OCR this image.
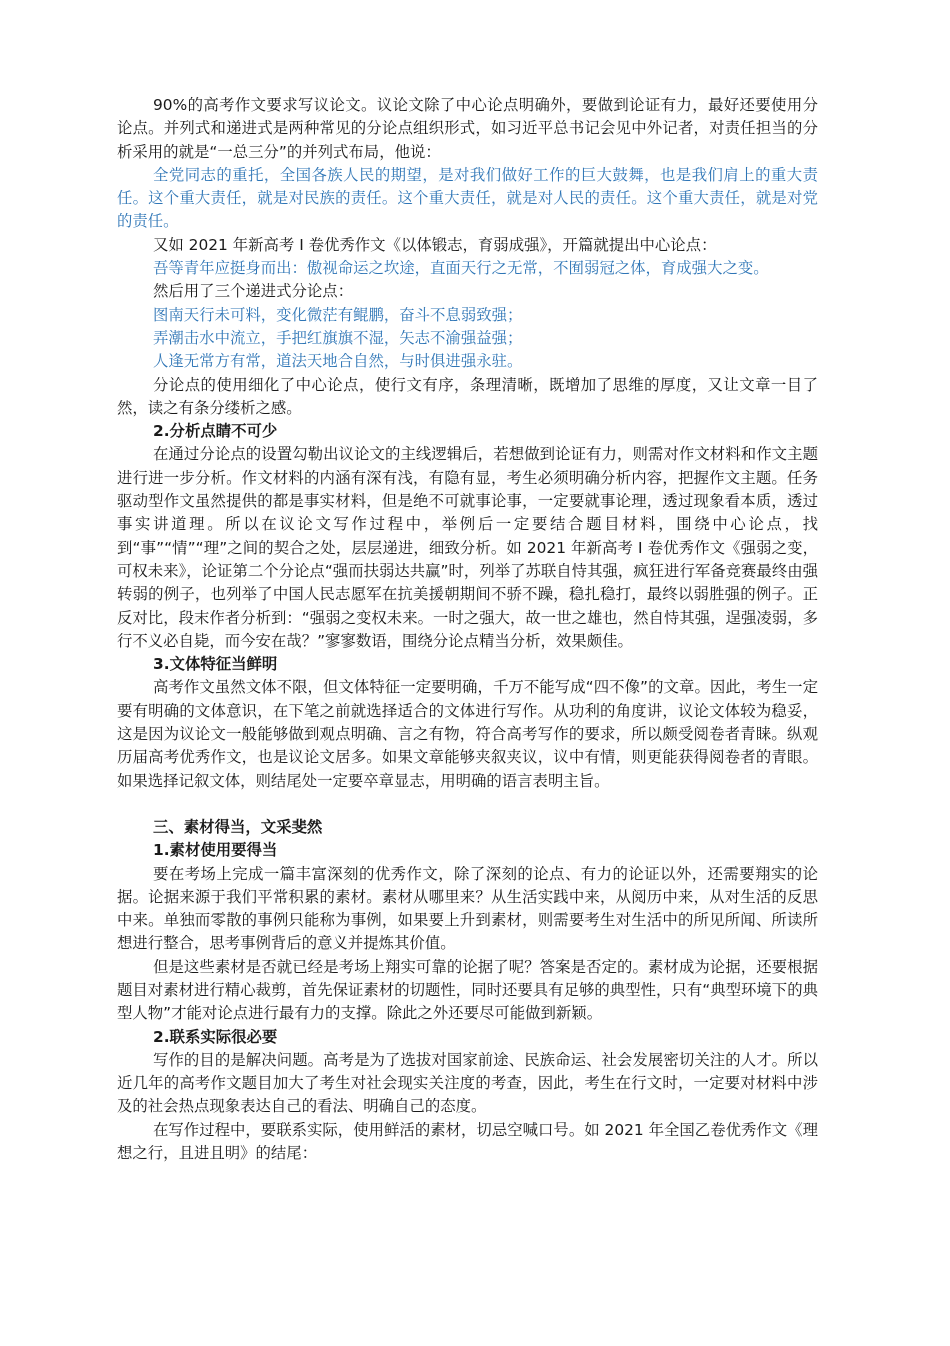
90%的高考作文要求写议论文。议论文除了中心论点明确外，要做到论证有力，最好还要使用分论点。并列式和递进式是两种常见的分论点组织形式，如习近平总书记会见中外记者，对责任担当的分析采用的就是“一总三分”的并列式布局，他说：

全党同志的重托，全国各族人民的期望，是对我们做好工作的巨大鼓舞，也是我们肩上的重大责任。这个重大责任，就是对民族的责任。这个重大责任，就是对人民的责任。这个重大责任，就是对党的责任。

又如 2021 年新高考 I 卷优秀作文《以体锻志，育弱成强》，开篇就提出中心论点：

吾等青年应挺身而出：傲视命运之坎途，直面天行之无常，不囿弱冠之体，育成强大之变。

然后用了三个递进式分论点：

图南天行未可料，变化微茫有鲲鹏，奋斗不息弱致强；

弄潮击水中流立，手把红旗旗不湿，矢志不渝强益强；

人逢无常方有常，道法天地合自然，与时俱进强永驻。

分论点的使用细化了中心论点，使行文有序，条理清晰，既增加了思维的厚度，又让文章一目了然，读之有条分缕析之感。

2.分析点睛不可少

在通过分论点的设置勾勒出议论文的主线逻辑后，若想做到论证有力，则需对作文材料和作文主题进行进一步分析。作文材料的内涵有深有浅，有隐有显，考生必须明确分析内容，把握作文主题。任务驱动型作文虽然提供的都是事实材料，但是绝不可就事论事，一定要就事论理，透过现象看本质，透过事实讲道理。所以在议论文写作过程中，举例后一定要结合题目材料，围绕中心论点，找到“事”“情”“理”之间的契合之处，层层递进，细致分析。如 2021 年新高考 I 卷优秀作文《强弱之变，可权未来》，论证第二个分论点“强而扶弱达共赢”时，列举了苏联自恃其强，疯狂进行军备竞赛最终由强转弱的例子，也列举了中国人民志愿军在抗美援朝期间不骄不躁，稳扎稳打，最终以弱胜强的例子。正反对比，段末作者分析到：“强弱之变权未来。一时之强大，故一世之雄也，然自恃其强，逞强凌弱，多行不义必自毙，而今安在哉？”寥寥数语，围绕分论点精当分析，效果颇佳。

3.文体特征当鲜明

高考作文虽然文体不限，但文体特征一定要明确，千万不能写成“四不像”的文章。因此，考生一定要有明确的文体意识，在下笔之前就选择适合的文体进行写作。从功利的角度讲，议论文体较为稳妥，这是因为议论文一般能够做到观点明确、言之有物，符合高考写作的要求，所以颇受阅卷者青睐。纵观历届高考优秀作文，也是议论文居多。如果文章能够夹叙夹议，议中有情，则更能获得阅卷者的青眼。如果选择记叙文体，则结尾处一定要卒章显志，用明确的语言表明主旨。

三、素材得当，文采斐然

1.素材使用要得当

要在考场上完成一篇丰富深刻的优秀作文，除了深刻的论点、有力的论证以外，还需要翔实的论据。论据来源于我们平常积累的素材。素材从哪里来？从生活实践中来，从阅历中来，从对生活的反思中来。单独而零散的事例只能称为事例，如果要上升到素材，则需要考生对生活中的所见所闻、所读所想进行整合，思考事例背后的意义并提炼其价值。

但是这些素材是否就已经是考场上翔实可靠的论据了呢？答案是否定的。素材成为论据，还要根据题目对素材进行精心裁剪，首先保证素材的切题性，同时还要具有足够的典型性，只有“典型环境下的典型人物”才能对论点进行最有力的支撑。除此之外还要尽可能做到新颖。

2.联系实际很必要

写作的目的是解决问题。高考是为了选拔对国家前途、民族命运、社会发展密切关注的人才。所以近几年的高考作文题目加大了考生对社会现实关注度的考查，因此，考生在行文时，一定要对材料中涉及的社会热点现象表达自己的看法、明确自己的态度。

在写作过程中，要联系实际，使用鲜活的素材，切忌空喊口号。如 2021 年全国乙卷优秀作文《理想之行，且进且明》的结尾：
